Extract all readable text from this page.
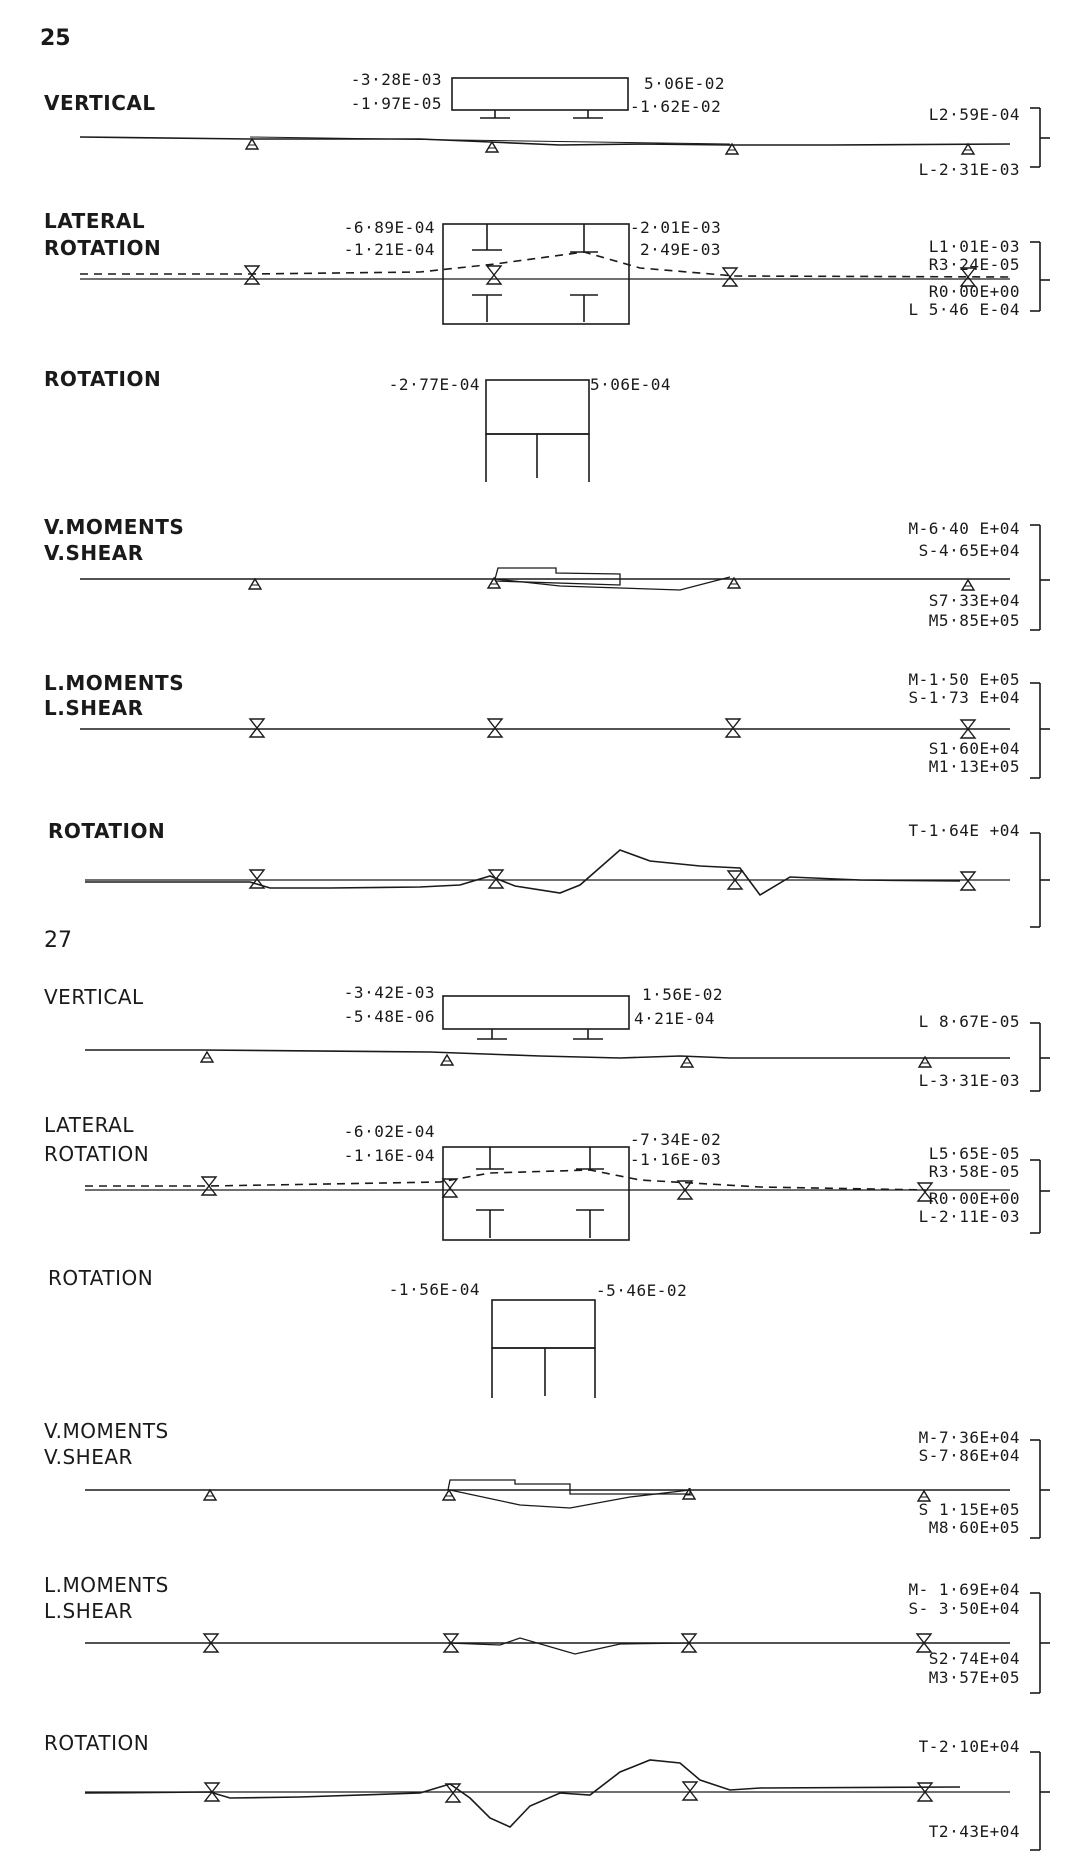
25
VERTICAL
-3·28E-03
-1·97E-05
5·06E-02
-1·62E-02	L2·59E-04
L-2·31E-03
LATERAL
ROTATION
-6·89E-04
-1·21E-04
-2·01E-03
2·49E-03	L1·01E-03
R3·24E-05
R0·00E+00
L 5·46 E-04
ROTATION	-2·77E-04	5·06E-04
V.MOMENTS
V.SHEAR
M-6·40 E+04
S-4·65E+04
S7·33E+04
M5·85E+05
L.MOMENTS
L.SHEAR
M-1·50 E+05
S-1·73 E+04
S1·60E+04
M1·13E+05
ROTATION	T-1·64E +04
27
VERTICAL	-3·42E-03
-5·48E-06
1·56E-02
4·21E-04	L 8·67E-05
L-3·31E-03
LATERAL
ROTATION
-6·02E-04
-1·16E-04
-7·34E-02
-1·16E-03	L5·65E-05
R3·58E-05
R0·00E+00
L-2·11E-03
ROTATION	-1·56E-04	-5·46E-02
V.MOMENTS
V.SHEAR
M-7·36E+04
S-7·86E+04
S 1·15E+05
M8·60E+05
L.MOMENTS
L.SHEAR
M- 1·69E+04
S- 3·50E+04
S2·74E+04
M3·57E+05
ROTATION	T-2·10E+04
T2·43E+04
